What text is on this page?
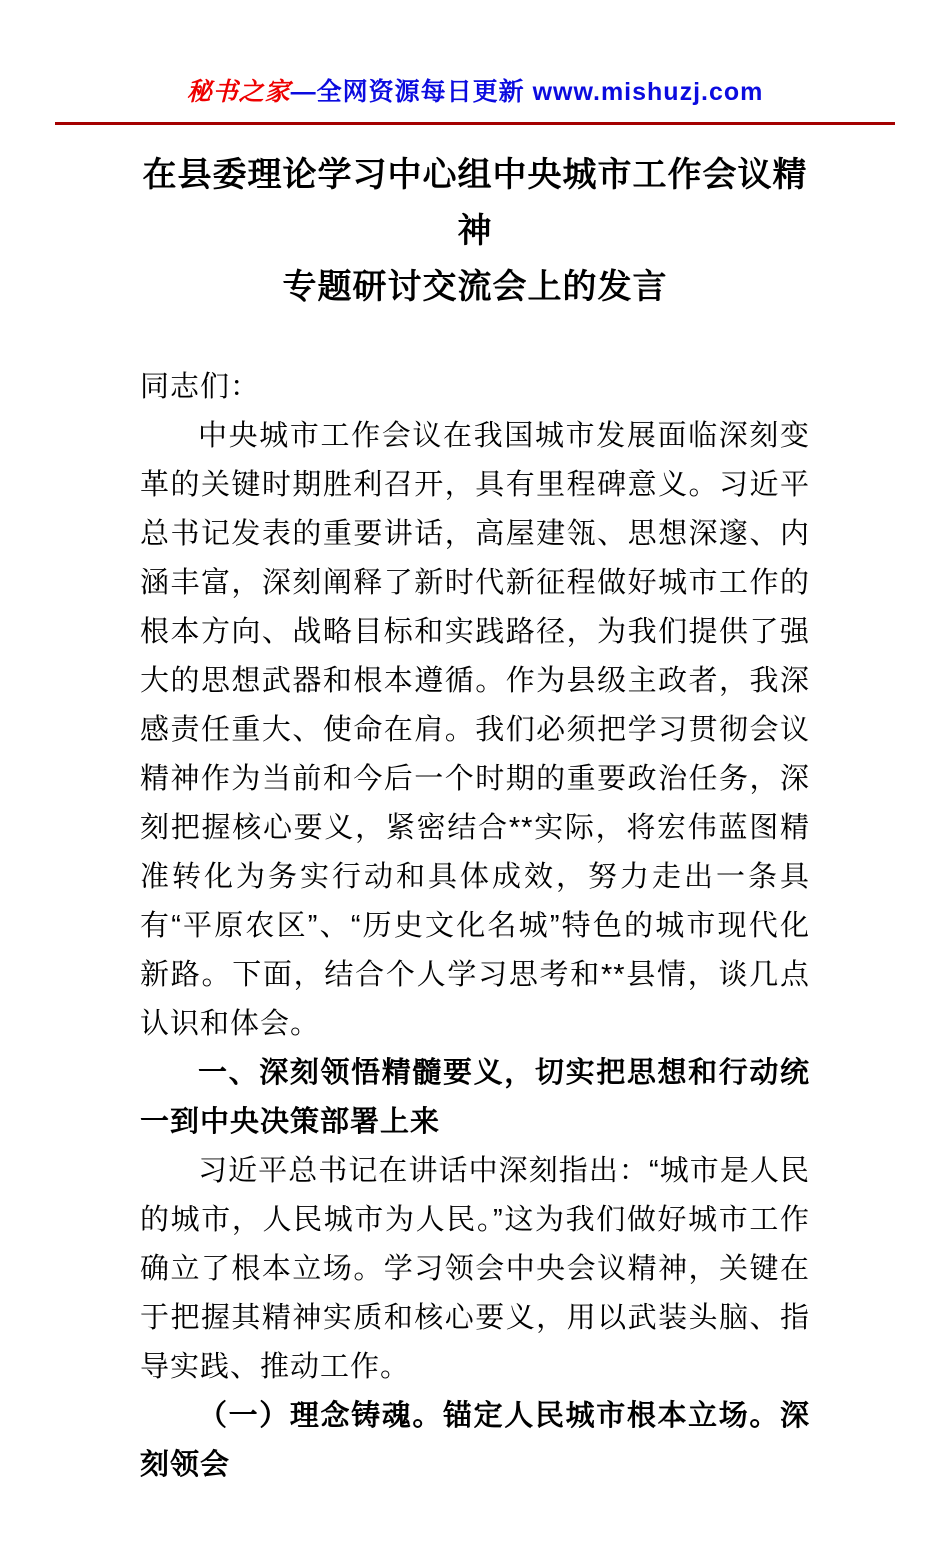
秘书之家—全网资源每日更新 www.mishuzj.com
在县委理论学习中心组中央城市工作会议精神
专题研讨交流会上的发言

同志们：

中央城市工作会议在我国城市发展面临深刻变革的关键时期胜利召开，具有里程碑意义。习近平总书记发表的重要讲话，高屋建瓴、思想深邃、内涵丰富，深刻阐释了新时代新征程做好城市工作的根本方向、战略目标和实践路径，为我们提供了强大的思想武器和根本遵循。作为县级主政者，我深感责任重大、使命在肩。我们必须把学习贯彻会议精神作为当前和今后一个时期的重要政治任务，深刻把握核心要义，紧密结合**实际，将宏伟蓝图精准转化为务实行动和具体成效，努力走出一条具有“平原农区”、“历史文化名城”特色的城市现代化新路。下面，结合个人学习思考和**县情，谈几点认识和体会。

一、深刻领悟精髓要义，切实把思想和行动统一到中央决策部署上来

习近平总书记在讲话中深刻指出：“城市是人民的城市，人民城市为人民。”这为我们做好城市工作确立了根本立场。学习领会中央会议精神，关键在于把握其精神实质和核心要义，用以武装头脑、指导实践、推动工作。

（一）理念铸魂。锚定人民城市根本立场。深刻领会
